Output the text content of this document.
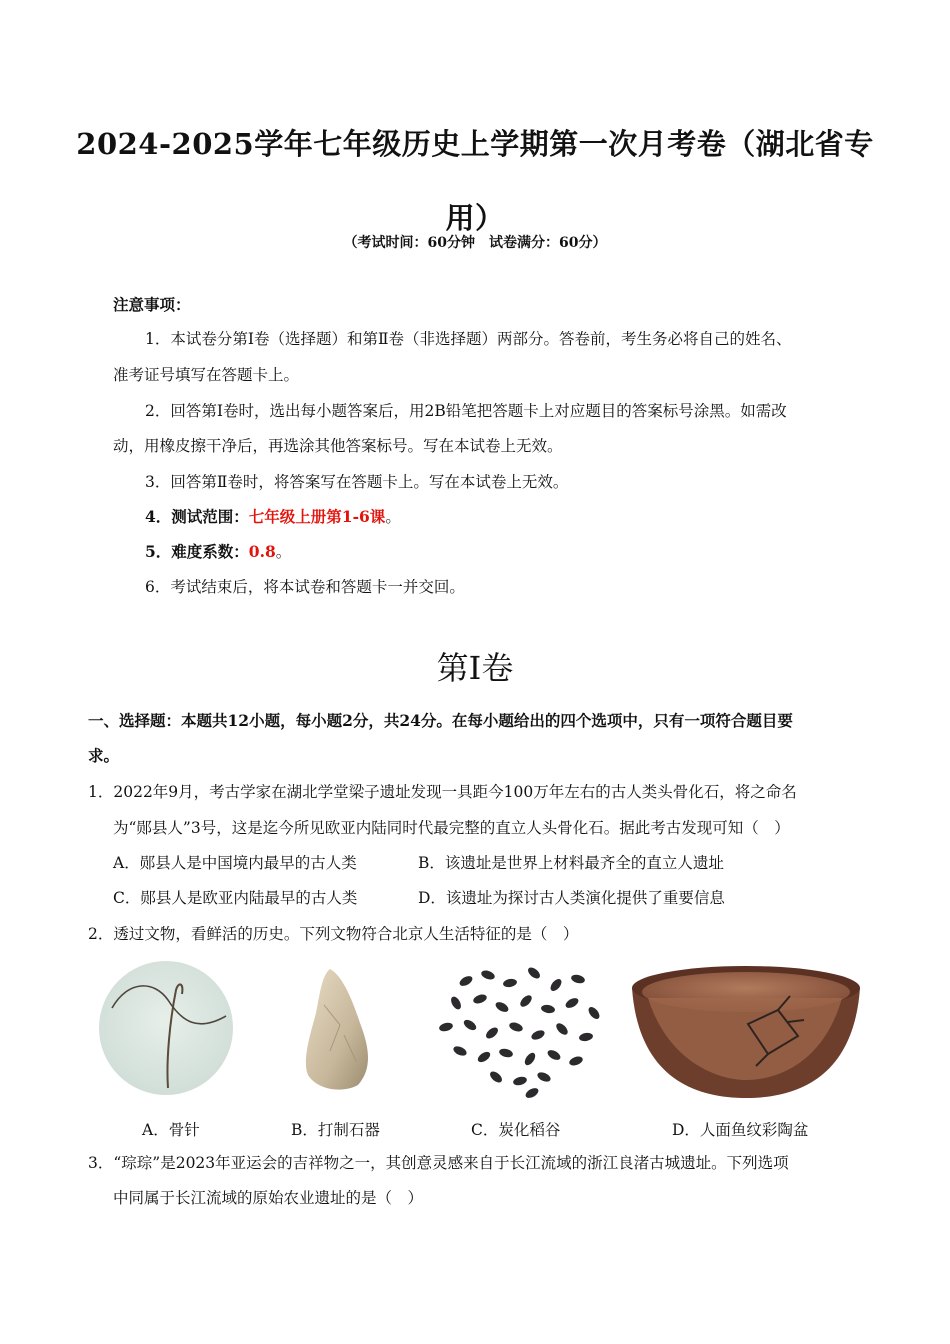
2024-2025学年七年级历史上学期第一次月考卷（湖北省专
用）
（考试时间：60分钟　试卷满分：60分）
注意事项：
1．本试卷分第Ⅰ卷（选择题）和第Ⅱ卷（非选择题）两部分。答卷前，考生务必将自己的姓名、
准考证号填写在答题卡上。
2．回答第Ⅰ卷时，选出每小题答案后，用2B铅笔把答题卡上对应题目的答案标号涂黑。如需改
动，用橡皮擦干净后，再选涂其他答案标号。写在本试卷上无效。
3．回答第Ⅱ卷时，将答案写在答题卡上。写在本试卷上无效。
4．测试范围：七年级上册第1-6课。
5．难度系数：0.8。
6．考试结束后，将本试卷和答题卡一并交回。
第Ⅰ卷
一、选择题：本题共12小题，每小题2分，共24分。在每小题给出的四个选项中，只有一项符合题目要
求。
1．2022年9月，考古学家在湖北学堂梁子遗址发现一具距今100万年左右的古人类头骨化石，将之命名
为“郧县人”3号，这是迄今所见欧亚内陆同时代最完整的直立人头骨化石。据此考古发现可知（　）
A．郧县人是中国境内最早的古人类	B．该遗址是世界上材料最齐全的直立人遗址
C．郧县人是欧亚内陆最早的古人类	D．该遗址为探讨古人类演化提供了重要信息
2．透过文物，看鲜活的历史。下列文物符合北京人生活特征的是（　）
A．骨针	B．打制石器	C．炭化稻谷	D．人面鱼纹彩陶盆
3．“琮琮”是2023年亚运会的吉祥物之一，其创意灵感来自于长江流域的浙江良渚古城遗址。下列选项
中同属于长江流域的原始农业遗址的是（　）
